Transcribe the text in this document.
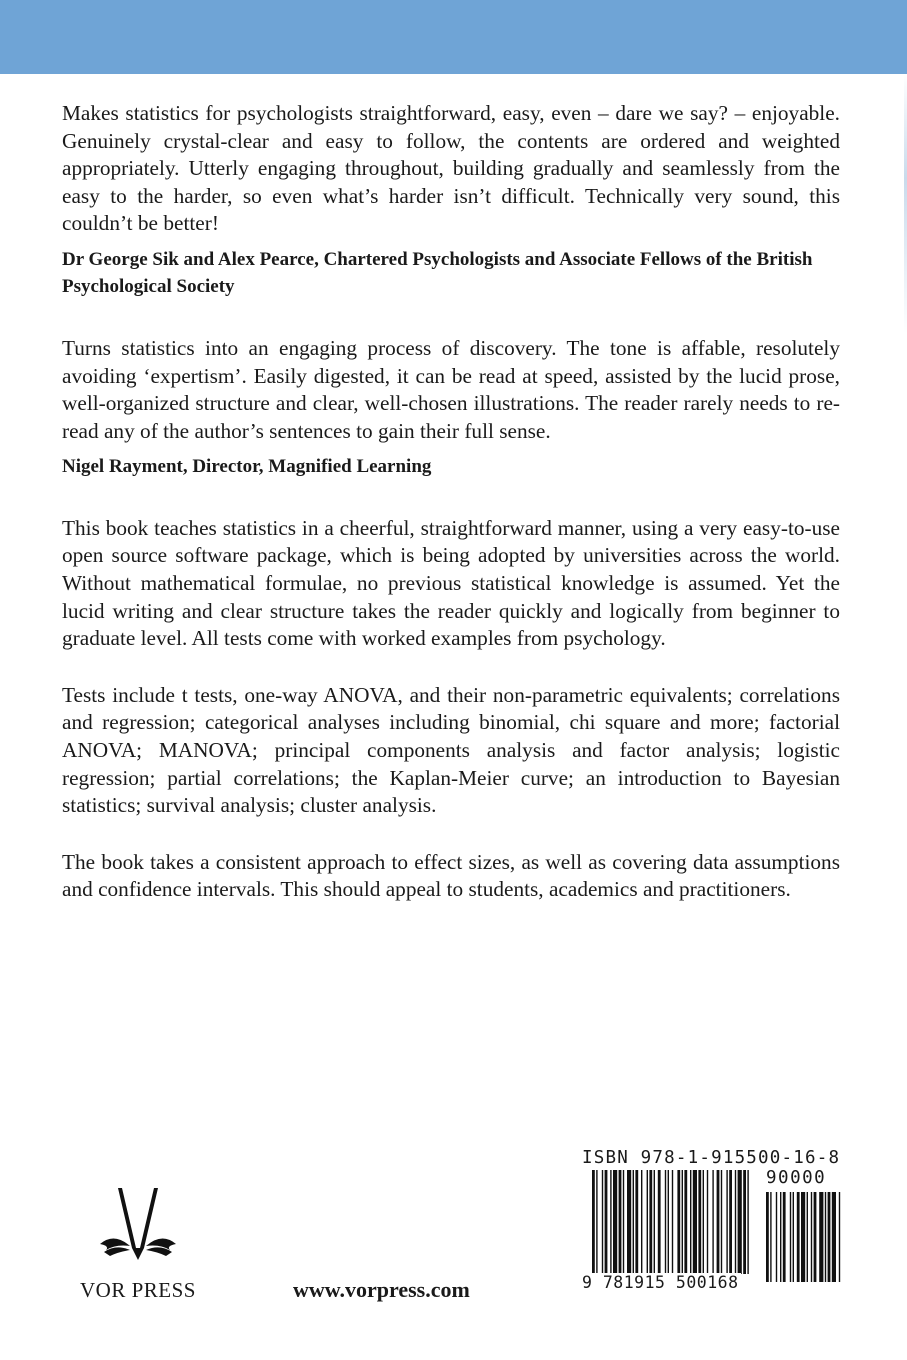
Makes statistics for psychologists straightforward, easy, even – dare we say? – enjoyable. Genuinely crystal-clear and easy to follow, the contents are ordered and weighted appropriately. Utterly engaging throughout, building gradually and seamlessly from the easy to the harder, so even what’s harder isn’t difficult. Technically very sound, this couldn’t be better!

Dr George Sik and Alex Pearce, Chartered Psychologists and Associate Fellows of the British Psychological Society

Turns statistics into an engaging process of discovery. The tone is affable, resolutely avoiding ‘expertism’. Easily digested, it can be read at speed, assisted by the lucid prose, well-organized structure and clear, well-chosen illustrations. The reader rarely needs to re-read any of the author’s sentences to gain their full sense.

Nigel Rayment, Director, Magnified Learning

This book teaches statistics in a cheerful, straightforward manner, using a very easy-to-use open source software package, which is being adopted by universities across the world. Without mathematical formulae, no previous statistical knowledge is assumed. Yet the lucid writing and clear structure takes the reader quickly and logically from beginner to graduate level. All tests come with worked examples from psychology.

Tests include t tests, one-way ANOVA, and their non-parametric equivalents; correlations and regression; categorical analyses including binomial, chi square and more; factorial ANOVA; MANOVA; principal components analysis and factor analysis; logistic regression; partial correlations; the Kaplan-Meier curve; an introduction to Bayesian statistics; survival analysis; cluster analysis.

The book takes a consistent approach to effect sizes, as well as covering data assumptions and confidence intervals. This should appeal to students, academics and practitioners.

VOR PRESS	www.vorpress.com
ISBN 978-1-915500-16-8
90000
9 781915 500168
